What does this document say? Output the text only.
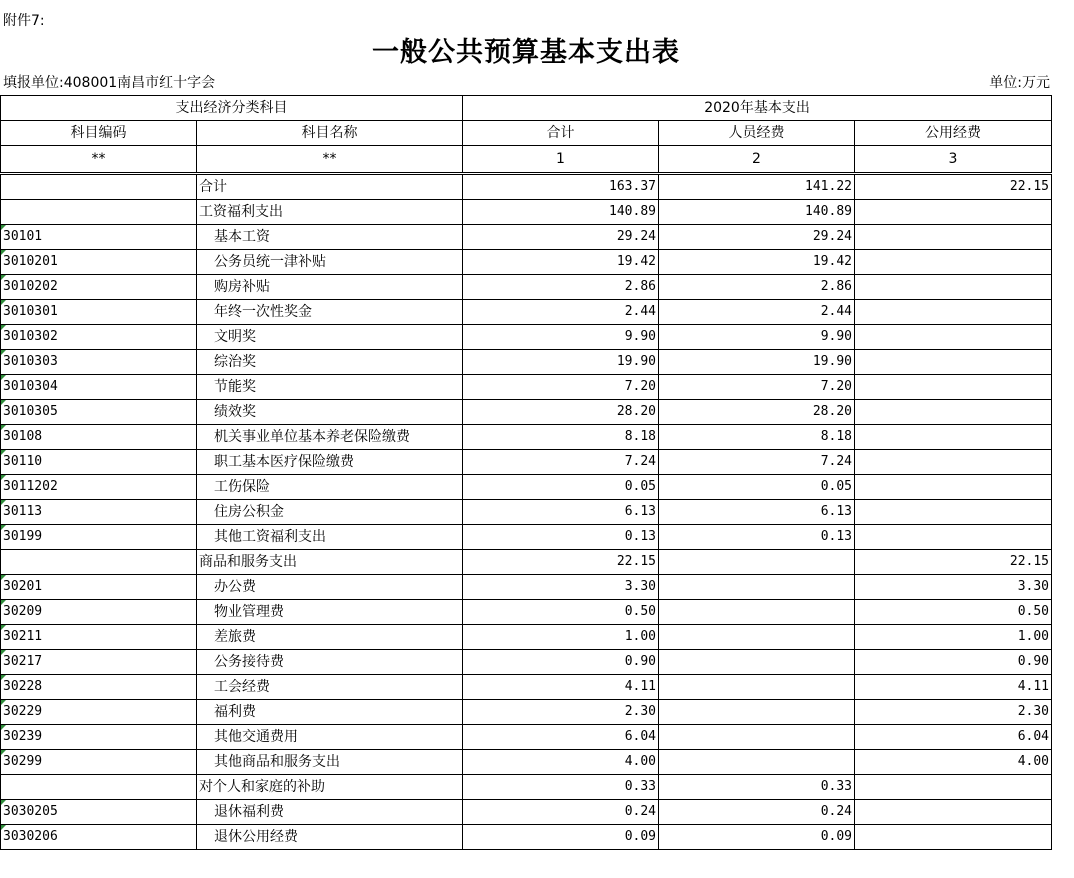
附件7:
一般公共预算基本支出表
填报单位:408001南昌市红十字会	单位:万元
支出经济分类科目		2020年基本支出		
科目编码	科目名称	合计	人员经费	公用经费
**	**	1	2	3

	合计	163.37	141.22	22.15
	工资福利支出	140.89	140.89	
30101	基本工资	29.24	29.24	
3010201	公务员统一津补贴	19.42	19.42	
3010202	购房补贴	2.86	2.86	
3010301	年终一次性奖金	2.44	2.44	
3010302	文明奖	9.90	9.90	
3010303	综治奖	19.90	19.90	
3010304	节能奖	7.20	7.20	
3010305	绩效奖	28.20	28.20	
30108	机关事业单位基本养老保险缴费	8.18	8.18	
30110	职工基本医疗保险缴费	7.24	7.24	
3011202	工伤保险	0.05	0.05	
30113	住房公积金	6.13	6.13	
30199	其他工资福利支出	0.13	0.13	
	商品和服务支出	22.15		22.15
30201	办公费	3.30		3.30
30209	物业管理费	0.50		0.50
30211	差旅费	1.00		1.00
30217	公务接待费	0.90		0.90
30228	工会经费	4.11		4.11
30229	福利费	2.30		2.30
30239	其他交通费用	6.04		6.04
30299	其他商品和服务支出	4.00		4.00
	对个人和家庭的补助	0.33	0.33	
3030205	退休福利费	0.24	0.24	
3030206	退休公用经费	0.09	0.09	
